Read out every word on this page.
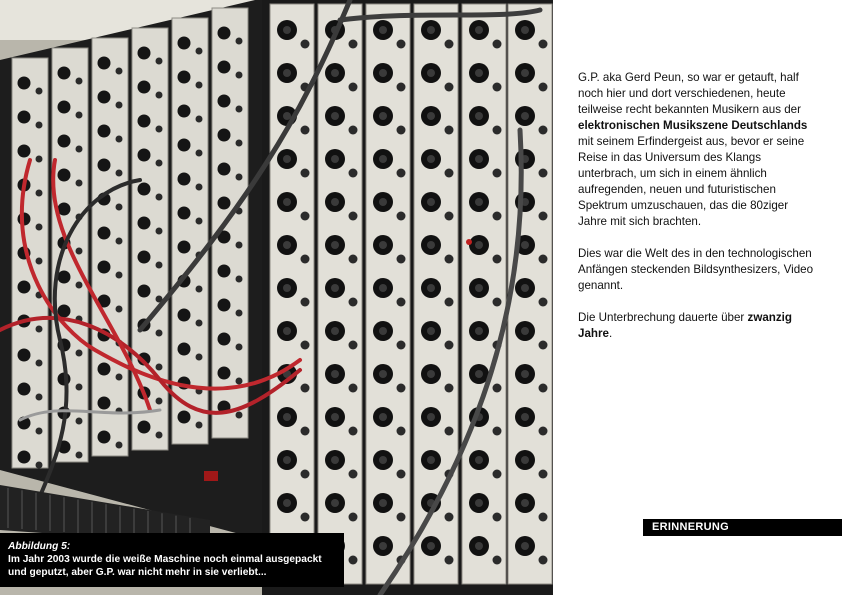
Abbildung 5:
Im Jahr 2003 wurde die weiße Maschine noch einmal ausgepackt und geputzt, aber G.P. war nicht mehr in sie verliebt...

G.P. aka Gerd Peun, so war er getauft, half noch hier und dort verschiedenen, heute teilweise recht bekannten Musikern aus der elektronischen Musikszene Deutschlands mit seinem Erfindergeist aus, bevor er seine Reise in das Universum des Klangs unterbrach, um sich in einem ähnlich aufregenden, neuen und futuristischen Spektrum umzuschauen, das die 80ziger Jahre mit sich brachten.

Dies war die Welt des in den technologischen Anfängen steckenden Bildsynthesizers, Video genannt.

Die Unterbrechung dauerte über zwanzig Jahre.

ERINNERUNG
